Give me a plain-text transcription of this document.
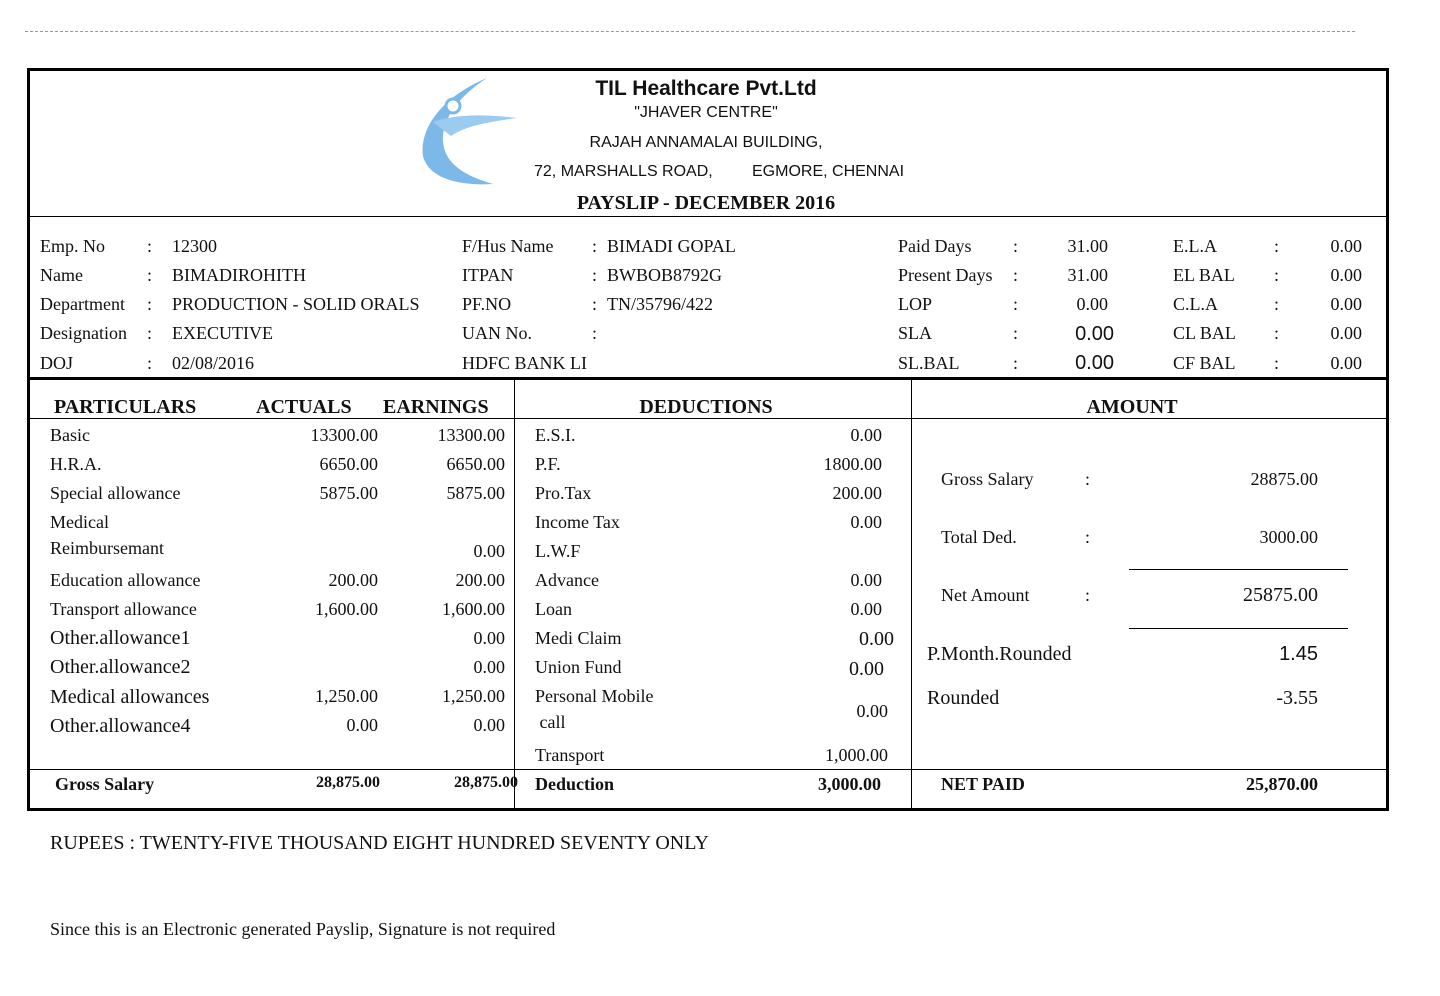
TIL Healthcare Pvt.Ltd
"JHAVER CENTRE"
RAJAH ANNAMALAI BUILDING,
72, MARSHALLS ROAD, EGMORE, CHENNAI
PAYSLIP - DECEMBER 2016
Emp. No : 12300
Name	: BIMADIROHITH
Department : PRODUCTION - SOLID ORALS
Designation : EXECUTIVE
DOJ	: 02/08/2016
F/Hus Name : BIMADI GOPAL
ITPAN	: BWBOB8792G
PF.NO	: TN/35796/422
UAN No.	:
HDFC BANK LI
Paid Days :	31.00
Present Days :	31.00
LOP	:	0.00
SLA	:	0.00
SL.BAL	:	0.00
E.L.A	:	0.00
EL BAL :	0.00
C.L.A	:	0.00
CL BAL :	0.00
CF BAL :	0.00
PARTICULARS	ACTUALS EARNINGS	DEDUCTIONS	AMOUNT
Basic	13300.00	13300.00
H.R.A.	6650.00	6650.00
Special allowance	5875.00	5875.00
Medical
Reimbursemant	0.00
Education allowance	200.00	200.00
Transport allowance	1,600.00	1,600.00
Other.allowance1	0.00
Other.allowance2	0.00
Medical allowances	1,250.00	1,250.00
Other.allowance4	0.00	0.00
E.S.I.	0.00
P.F.	1800.00
Pro.Tax	200.00
Income Tax	0.00
L.W.F
Advance	0.00
Loan	0.00
Medi Claim	0.00
Union Fund	0.00
Personal Mobile
call
0.00
Transport	1,000.00
Gross Salary	:	28875.00
Total Ded.	:	3000.00
Net Amount	:	25875.00
P.Month.Rounded	1.45
Rounded	-3.55
Gross Salary	28,875.00	28,875.00 Deduction	3,000.00	NET PAID	25,870.00
RUPEES : TWENTY-FIVE THOUSAND EIGHT HUNDRED SEVENTY ONLY
Since this is an Electronic generated Payslip, Signature is not required
